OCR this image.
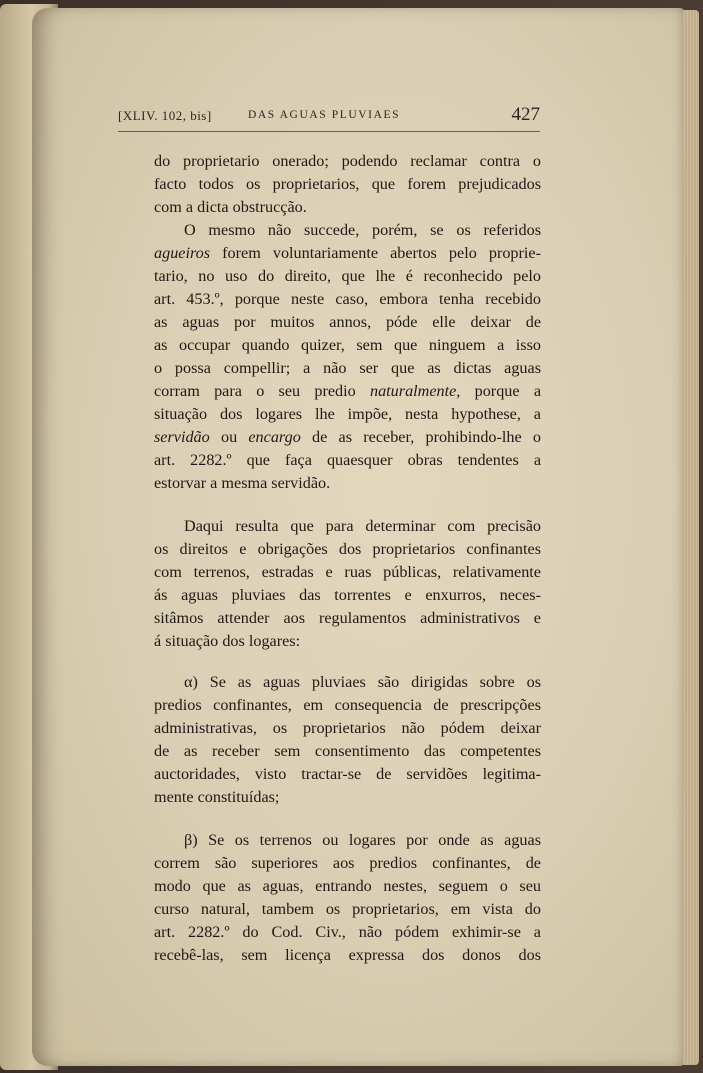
[XLIV. 102, bis]	DAS AGUAS PLUVIAES	427

do proprietario onerado; podendo reclamar contra o
facto todos os proprietarios, que forem prejudicados
com a dicta obstrucção.

O mesmo não succede, porém, se os referidos
agueiros forem voluntariamente abertos pelo proprie-
tario, no uso do direito, que lhe é reconhecido pelo
art. 453.º, porque neste caso, embora tenha recebido
as aguas por muitos annos, póde elle deixar de
as occupar quando quizer, sem que ninguem a isso
o possa compellir; a não ser que as dictas aguas
corram para o seu predio naturalmente, porque a
situação dos logares lhe impõe, nesta hypothese, a
servidão ou encargo de as receber, prohibindo-lhe o
art. 2282.º que faça quaesquer obras tendentes a
estorvar a mesma servidão.

Daqui resulta que para determinar com precisão
os direitos e obrigações dos proprietarios confinantes
com terrenos, estradas e ruas públicas, relativamente
ás aguas pluviaes das torrentes e enxurros, neces-
sitâmos attender aos regulamentos administrativos e
á situação dos logares:

α) Se as aguas pluviaes são dirigidas sobre os
predios confinantes, em consequencia de prescripções
administrativas, os proprietarios não pódem deixar
de as receber sem consentimento das competentes
auctoridades, visto tractar-se de servidões legitima-
mente constituídas;

β) Se os terrenos ou logares por onde as aguas
correm são superiores aos predios confinantes, de
modo que as aguas, entrando nestes, seguem o seu
curso natural, tambem os proprietarios, em vista do
art. 2282.º do Cod. Civ., não pódem exhimir-se a
recebê-las, sem licença expressa dos donos dos
